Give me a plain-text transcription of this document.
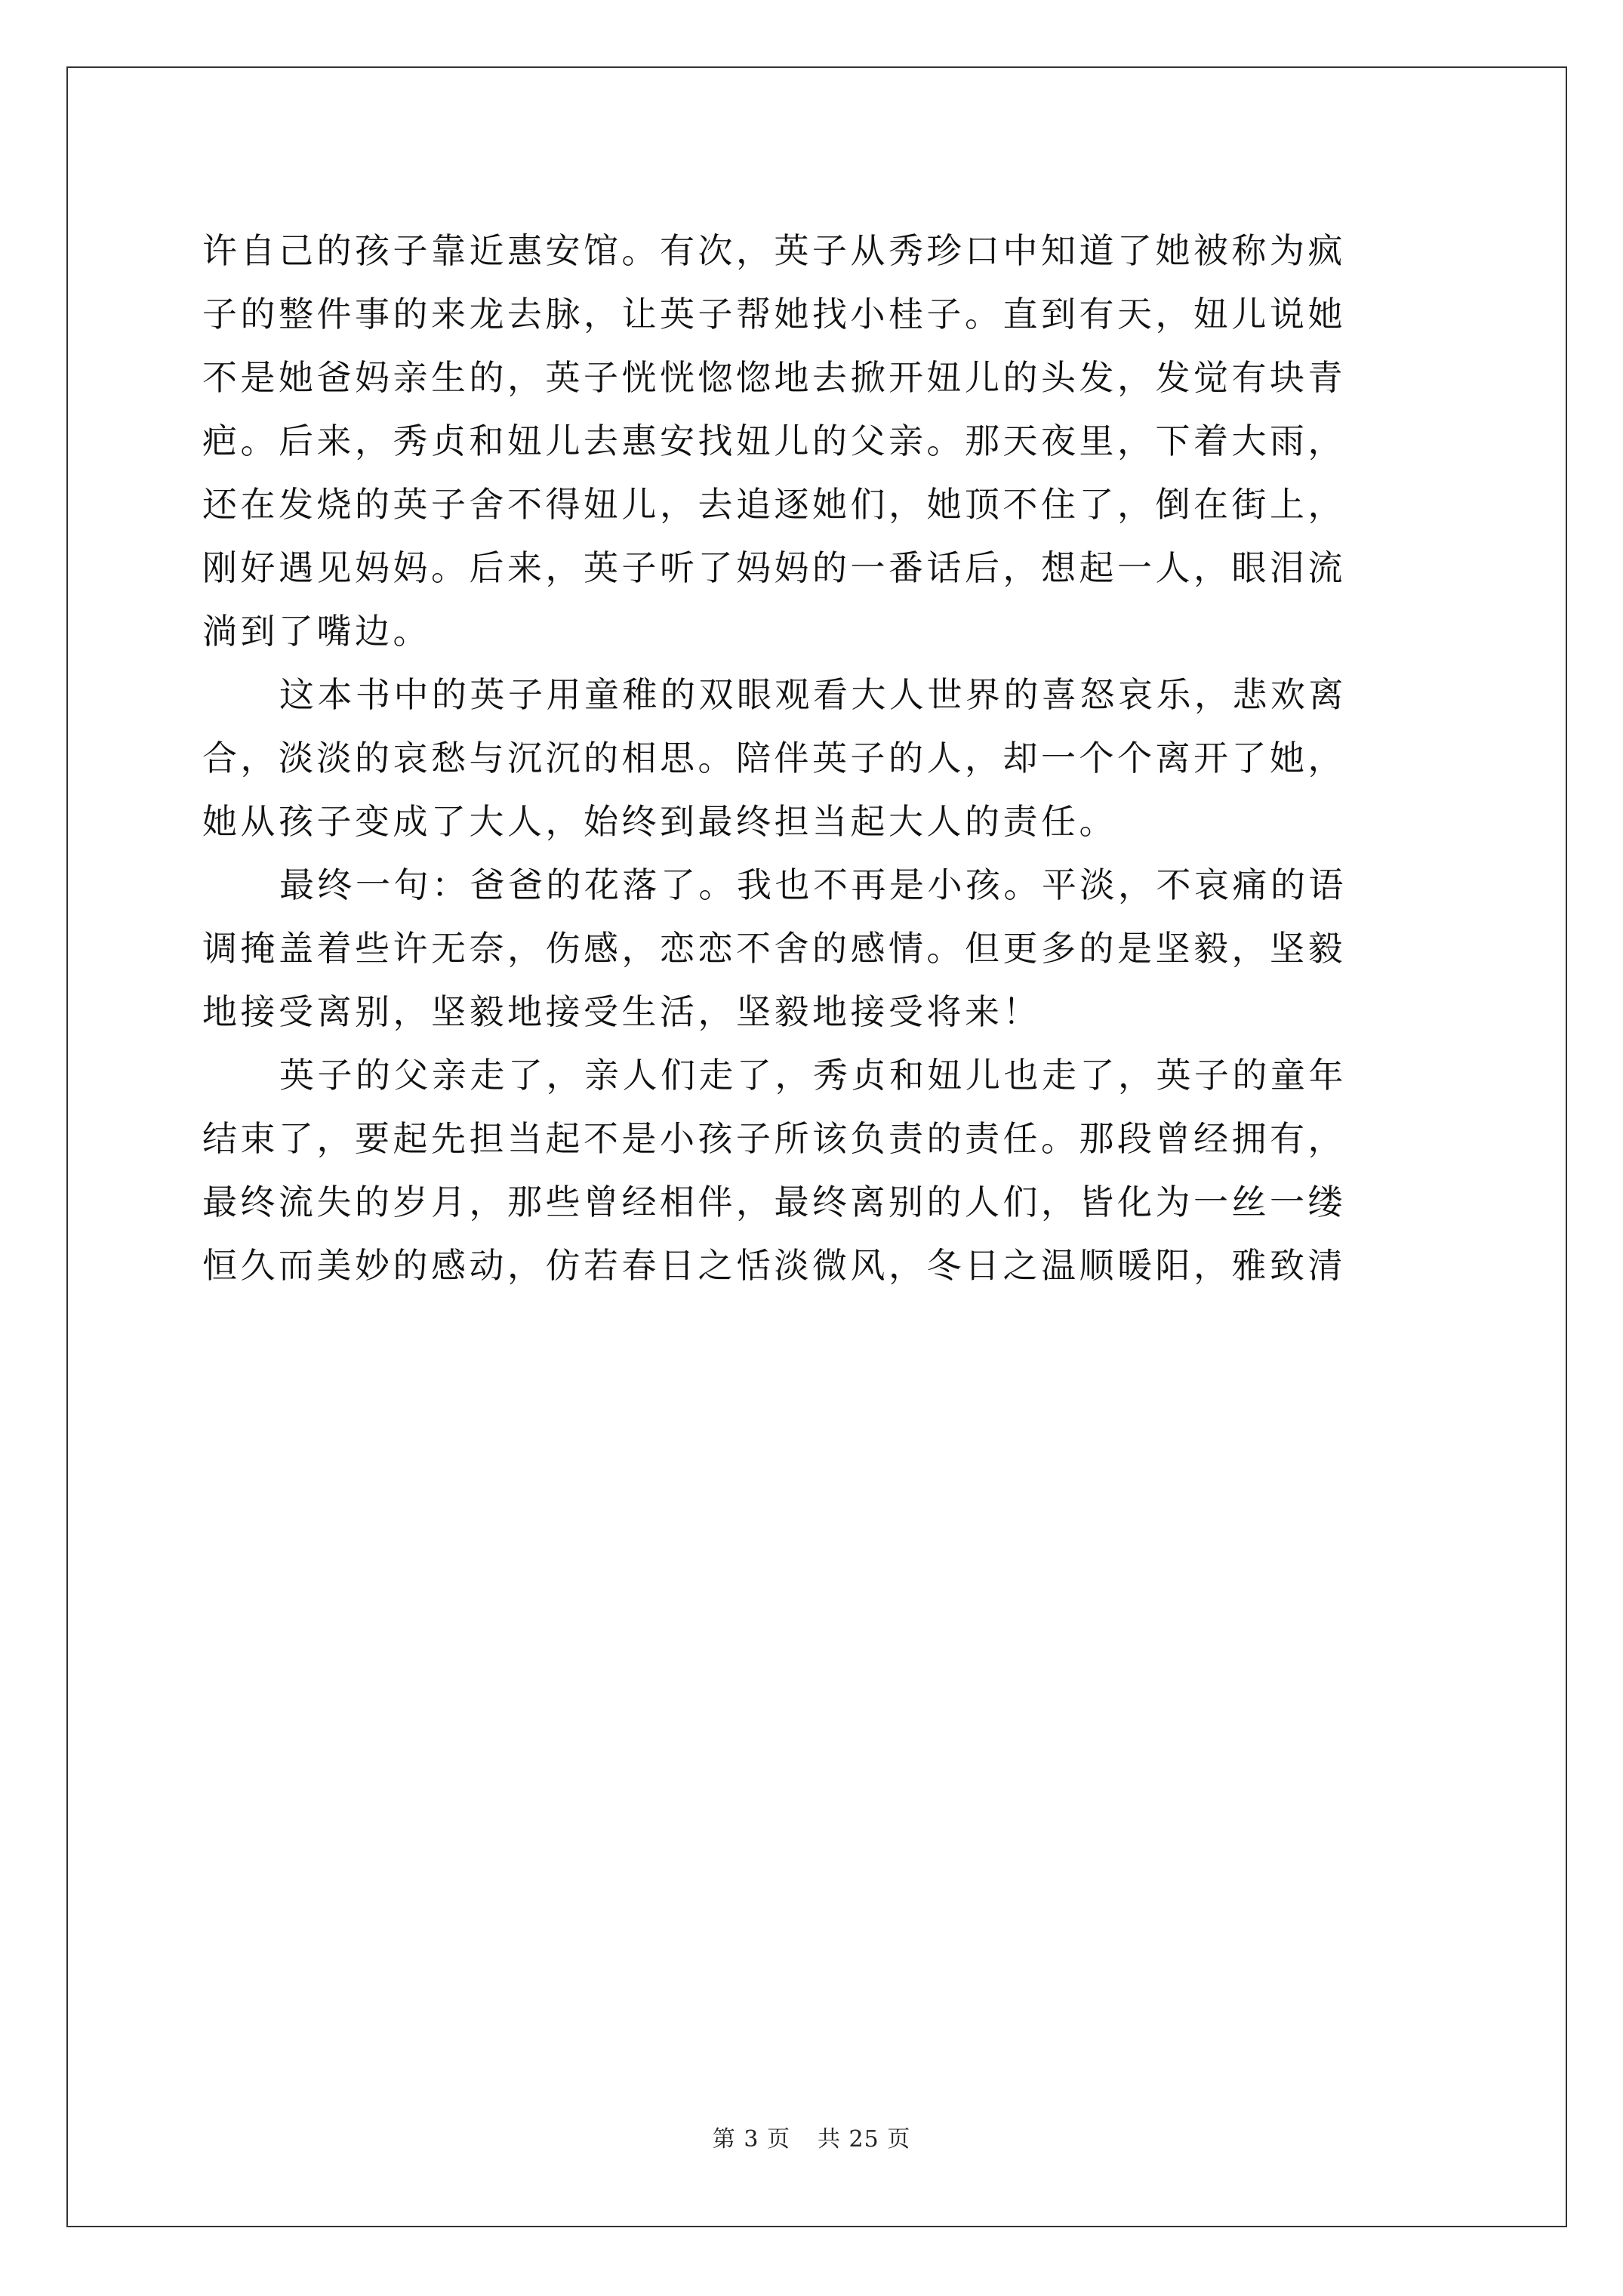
许自己的孩子靠近惠安馆。有次，英子从秀珍口中知道了她被称为疯
子的整件事的来龙去脉，让英子帮她找小桂子。直到有天，妞儿说她
不是她爸妈亲生的，英子恍恍惚惚地去掀开妞儿的头发，发觉有块青
疤。后来，秀贞和妞儿去惠安找妞儿的父亲。那天夜里，下着大雨，
还在发烧的英子舍不得妞儿，去追逐她们，她顶不住了，倒在街上，
刚好遇见妈妈。后来，英子听了妈妈的一番话后，想起一人，眼泪流
淌到了嘴边。
这本书中的英子用童稚的双眼观看大人世界的喜怒哀乐，悲欢离
合，淡淡的哀愁与沉沉的相思。陪伴英子的人，却一个个离开了她，
她从孩子变成了大人，始终到最终担当起大人的责任。
最终一句：爸爸的花落了。我也不再是小孩。平淡，不哀痛的语
调掩盖着些许无奈，伤感，恋恋不舍的感情。但更多的是坚毅，坚毅
地接受离别，坚毅地接受生活，坚毅地接受将来！
英子的父亲走了，亲人们走了，秀贞和妞儿也走了，英子的童年
结束了，要起先担当起不是小孩子所该负责的责任。那段曾经拥有，
最终流失的岁月，那些曾经相伴，最终离别的人们，皆化为一丝一缕
恒久而美妙的感动，仿若春日之恬淡微风，冬日之温顺暖阳，雅致清
第 3 页 共 25 页
